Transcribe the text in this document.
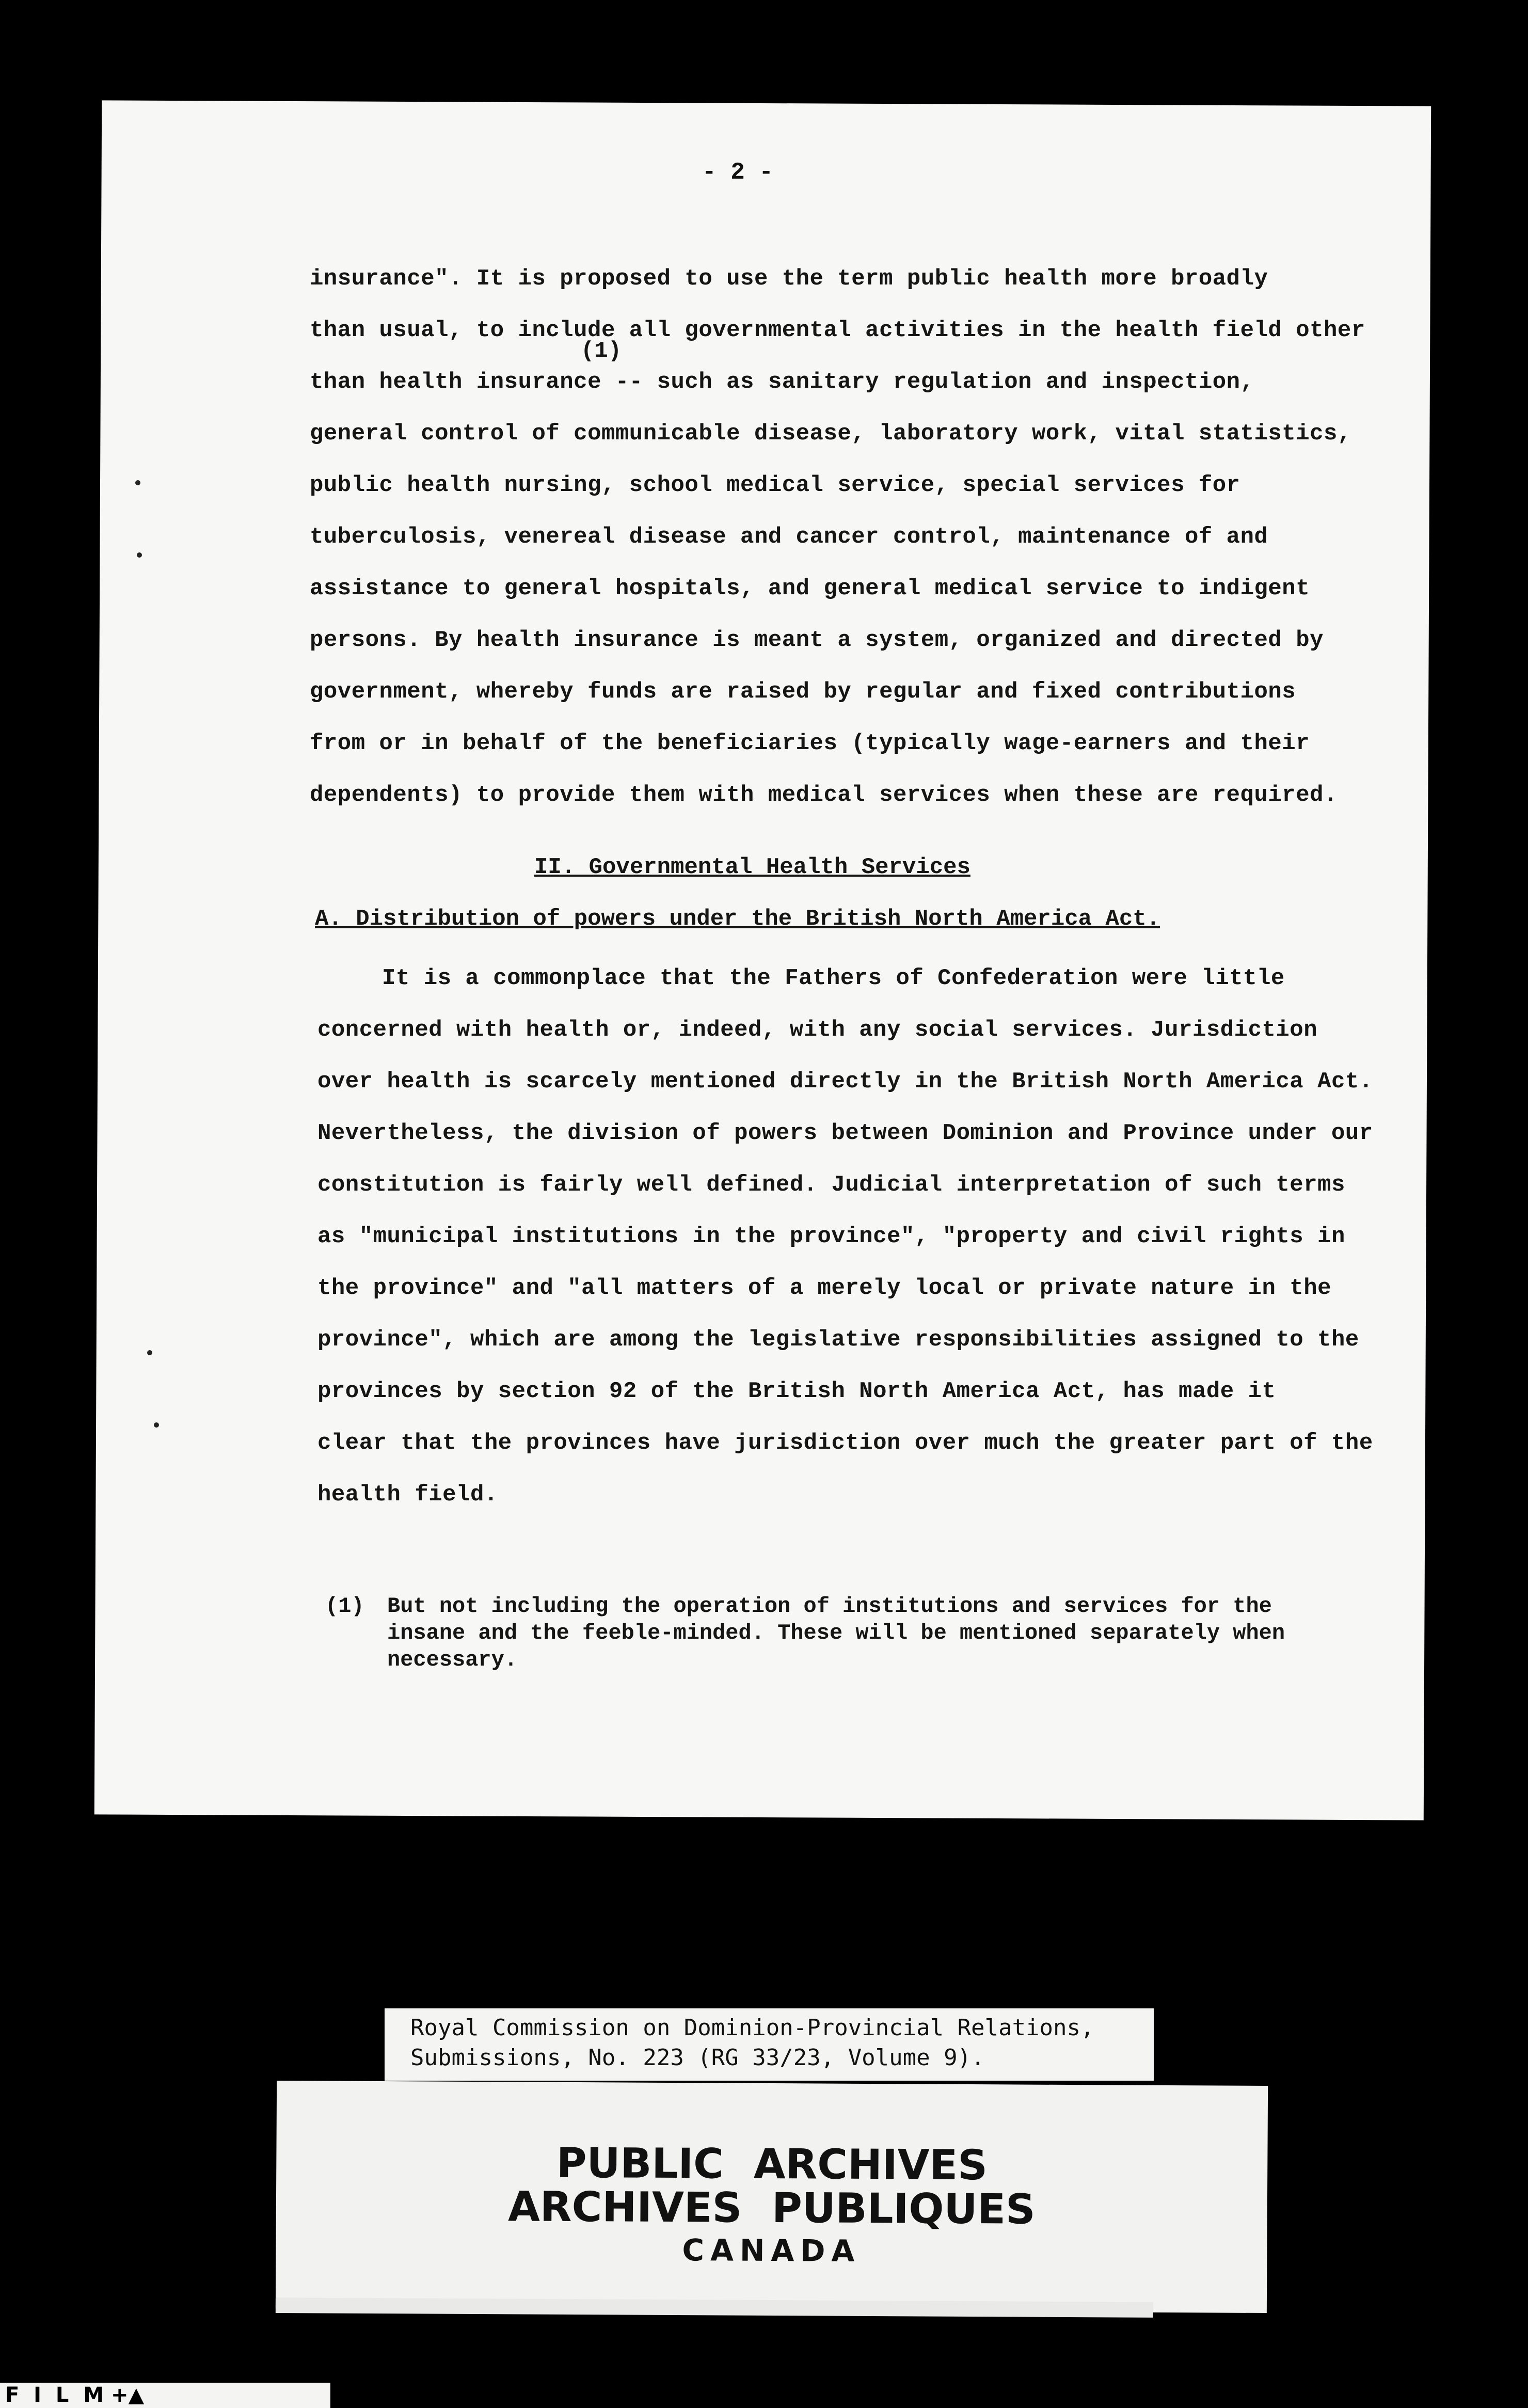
- 2 -
insurance". It is proposed to use the term public health more broadly
than usual, to include all governmental activities in the health field other
than health insurance -- such as sanitary regulation and inspection,
general control of communicable disease, laboratory work, vital statistics,
public health nursing, school medical service, special services for
tuberculosis, venereal disease and cancer control, maintenance of and
assistance to general hospitals, and general medical service to indigent
persons. By health insurance is meant a system, organized and directed by
government, whereby funds are raised by regular and fixed contributions
from or in behalf of the beneficiaries (typically wage-earners and their
dependents) to provide them with medical services when these are required.
(1)
II. Governmental Health Services
A. Distribution of powers under the British North America Act.
It is a commonplace that the Fathers of Confederation were little
concerned with health or, indeed, with any social services. Jurisdiction
over health is scarcely mentioned directly in the British North America Act.
Nevertheless, the division of powers between Dominion and Province under our
constitution is fairly well defined. Judicial interpretation of such terms
as "municipal institutions in the province", "property and civil rights in
the province" and "all matters of a merely local or private nature in the
province", which are among the legislative responsibilities assigned to the
provinces by section 92 of the British North America Act, has made it
clear that the provinces have jurisdiction over much the greater part of the
health field.
(1) But not including the operation of institutions and services for the
insane and the feeble-minded. These will be mentioned separately when
necessary.
Royal Commission on Dominion-Provincial Relations,
Submissions, No. 223 (RG 33/23, Volume 9).
PUBLIC ARCHIVES
ARCHIVES PUBLIQUES
CANADA
F  I  L  M +▲
